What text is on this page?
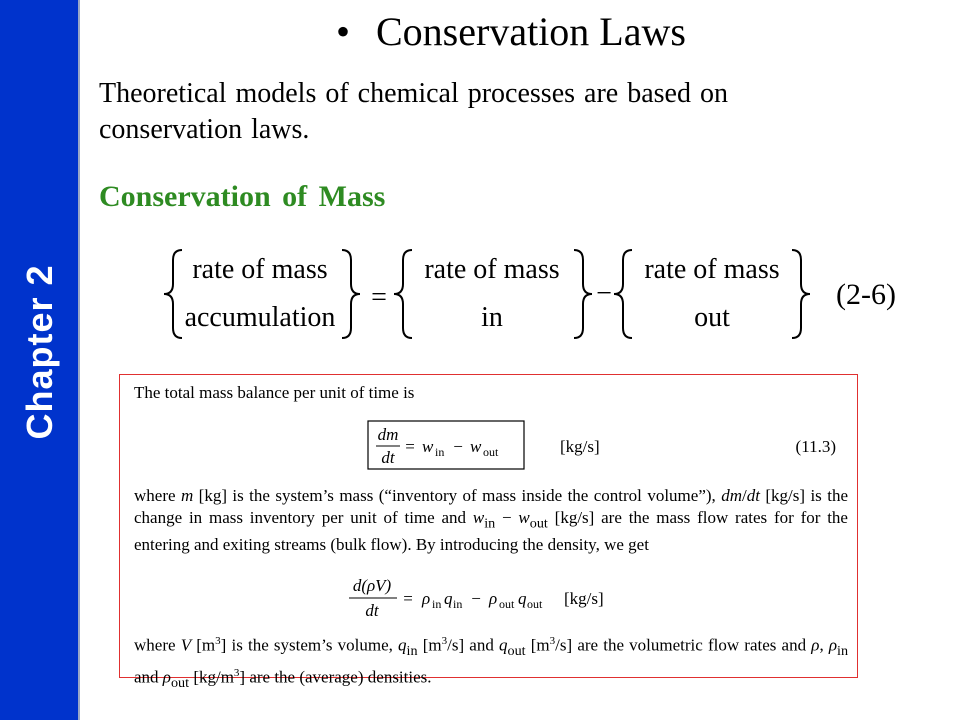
Chapter 2
• Conservation Laws
Theoretical models of chemical processes are based on conservation laws.
Conservation of Mass
rate of mass
accumulation
=
rate of mass
in
−
rate of mass
out
(2-6)
The total mass balance per unit of time is
dm
dt
= w in − w out	[kg/s]	(11.3)
where m [kg] is the system’s mass (“inventory of mass inside the control volume”), dm/dt [kg/s] is the change in mass inventory per unit of time and $w_{in} - w_{out}$ [kg/s] are the mass flow rates for for the entering and exiting streams (bulk flow). By introducing the density, we get
d(ρV)
dt
= ρ in q in − ρ out q out [kg/s]
where V $[m^3]$ is the system’s volume, $q_{in}$ $[m^3/s]$ and $q_{out}$ $[m^3/s]$ are the volumetric flow rates and ρ, $\rho_{in}$ and $\rho_{out}$ $[kg/m^3]$ are the (average) densities.
